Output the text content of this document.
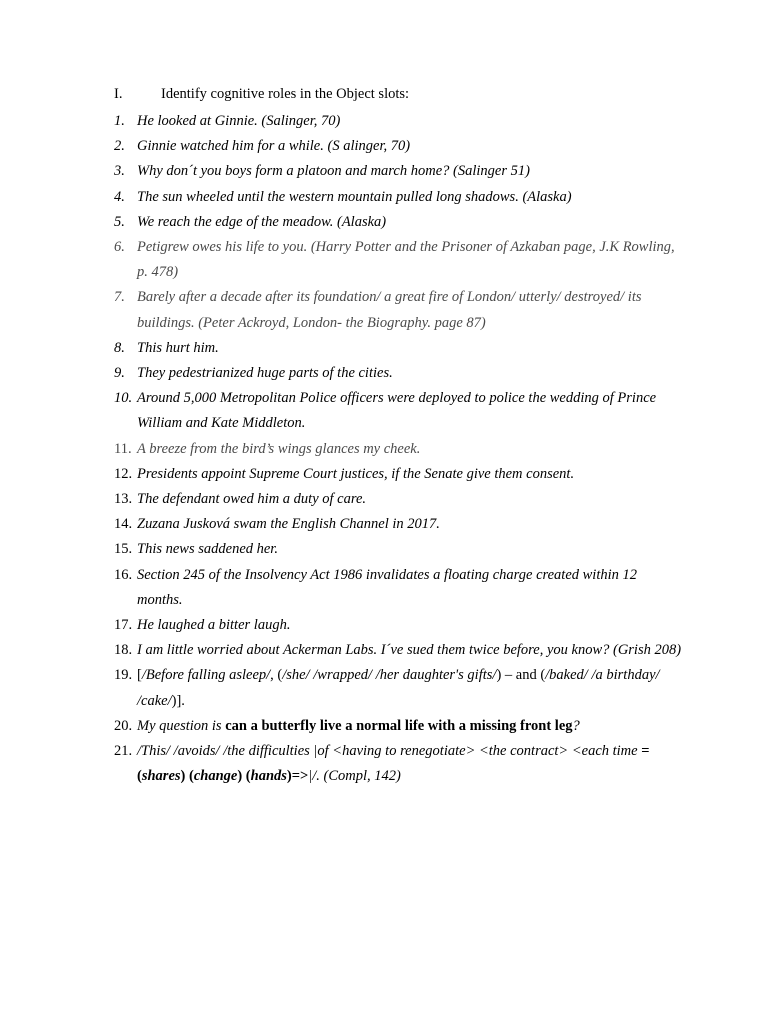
I.	Identify cognitive roles in the Object slots:
1. He looked at Ginnie. (Salinger, 70)
2. Ginnie watched him for a while. (S alinger, 70)
3. Why don´t you boys form a platoon and march home? (Salinger 51)
4. The sun wheeled until the western mountain pulled long shadows. (Alaska)
5. We reach the edge of the meadow. (Alaska)
6. Petigrew owes his life to you. (Harry Potter and the Prisoner of Azkaban page, J.K Rowling, p. 478)
7. Barely after a decade after its foundation/ a great fire of London/ utterly/ destroyed/ its buildings. (Peter Ackroyd, London- the Biography. page 87)
8. This hurt him.
9. They pedestrianized huge parts of the cities.
10. Around 5,000 Metropolitan Police officers were deployed to police the wedding of Prince William and Kate Middleton.
11. A breeze from the bird’s wings glances my cheek.
12. Presidents appoint Supreme Court justices, if the Senate give them consent.
13. The defendant owed him a duty of care.
14. Zuzana Jusková swam the English Channel in 2017.
15. This news saddened her.
16. Section 245 of the Insolvency Act 1986 invalidates a floating charge created within 12 months.
17. He laughed a bitter laugh.
18. I am little worried about Ackerman Labs. I´ve sued them twice before, you know? (Grish 208)
19. [/Before falling asleep/, (/she/ /wrapped/ /her daughter's gifts/) – and (/baked/ /a birthday/ /cake/)].
20. My question is can a butterfly live a normal life with a missing front leg?
21. /This/ /avoids/ /the difficulties |of <having to renegotiate> <the contract> <each time =(shares) (change) (hands)=>|/. (Compl, 142)
